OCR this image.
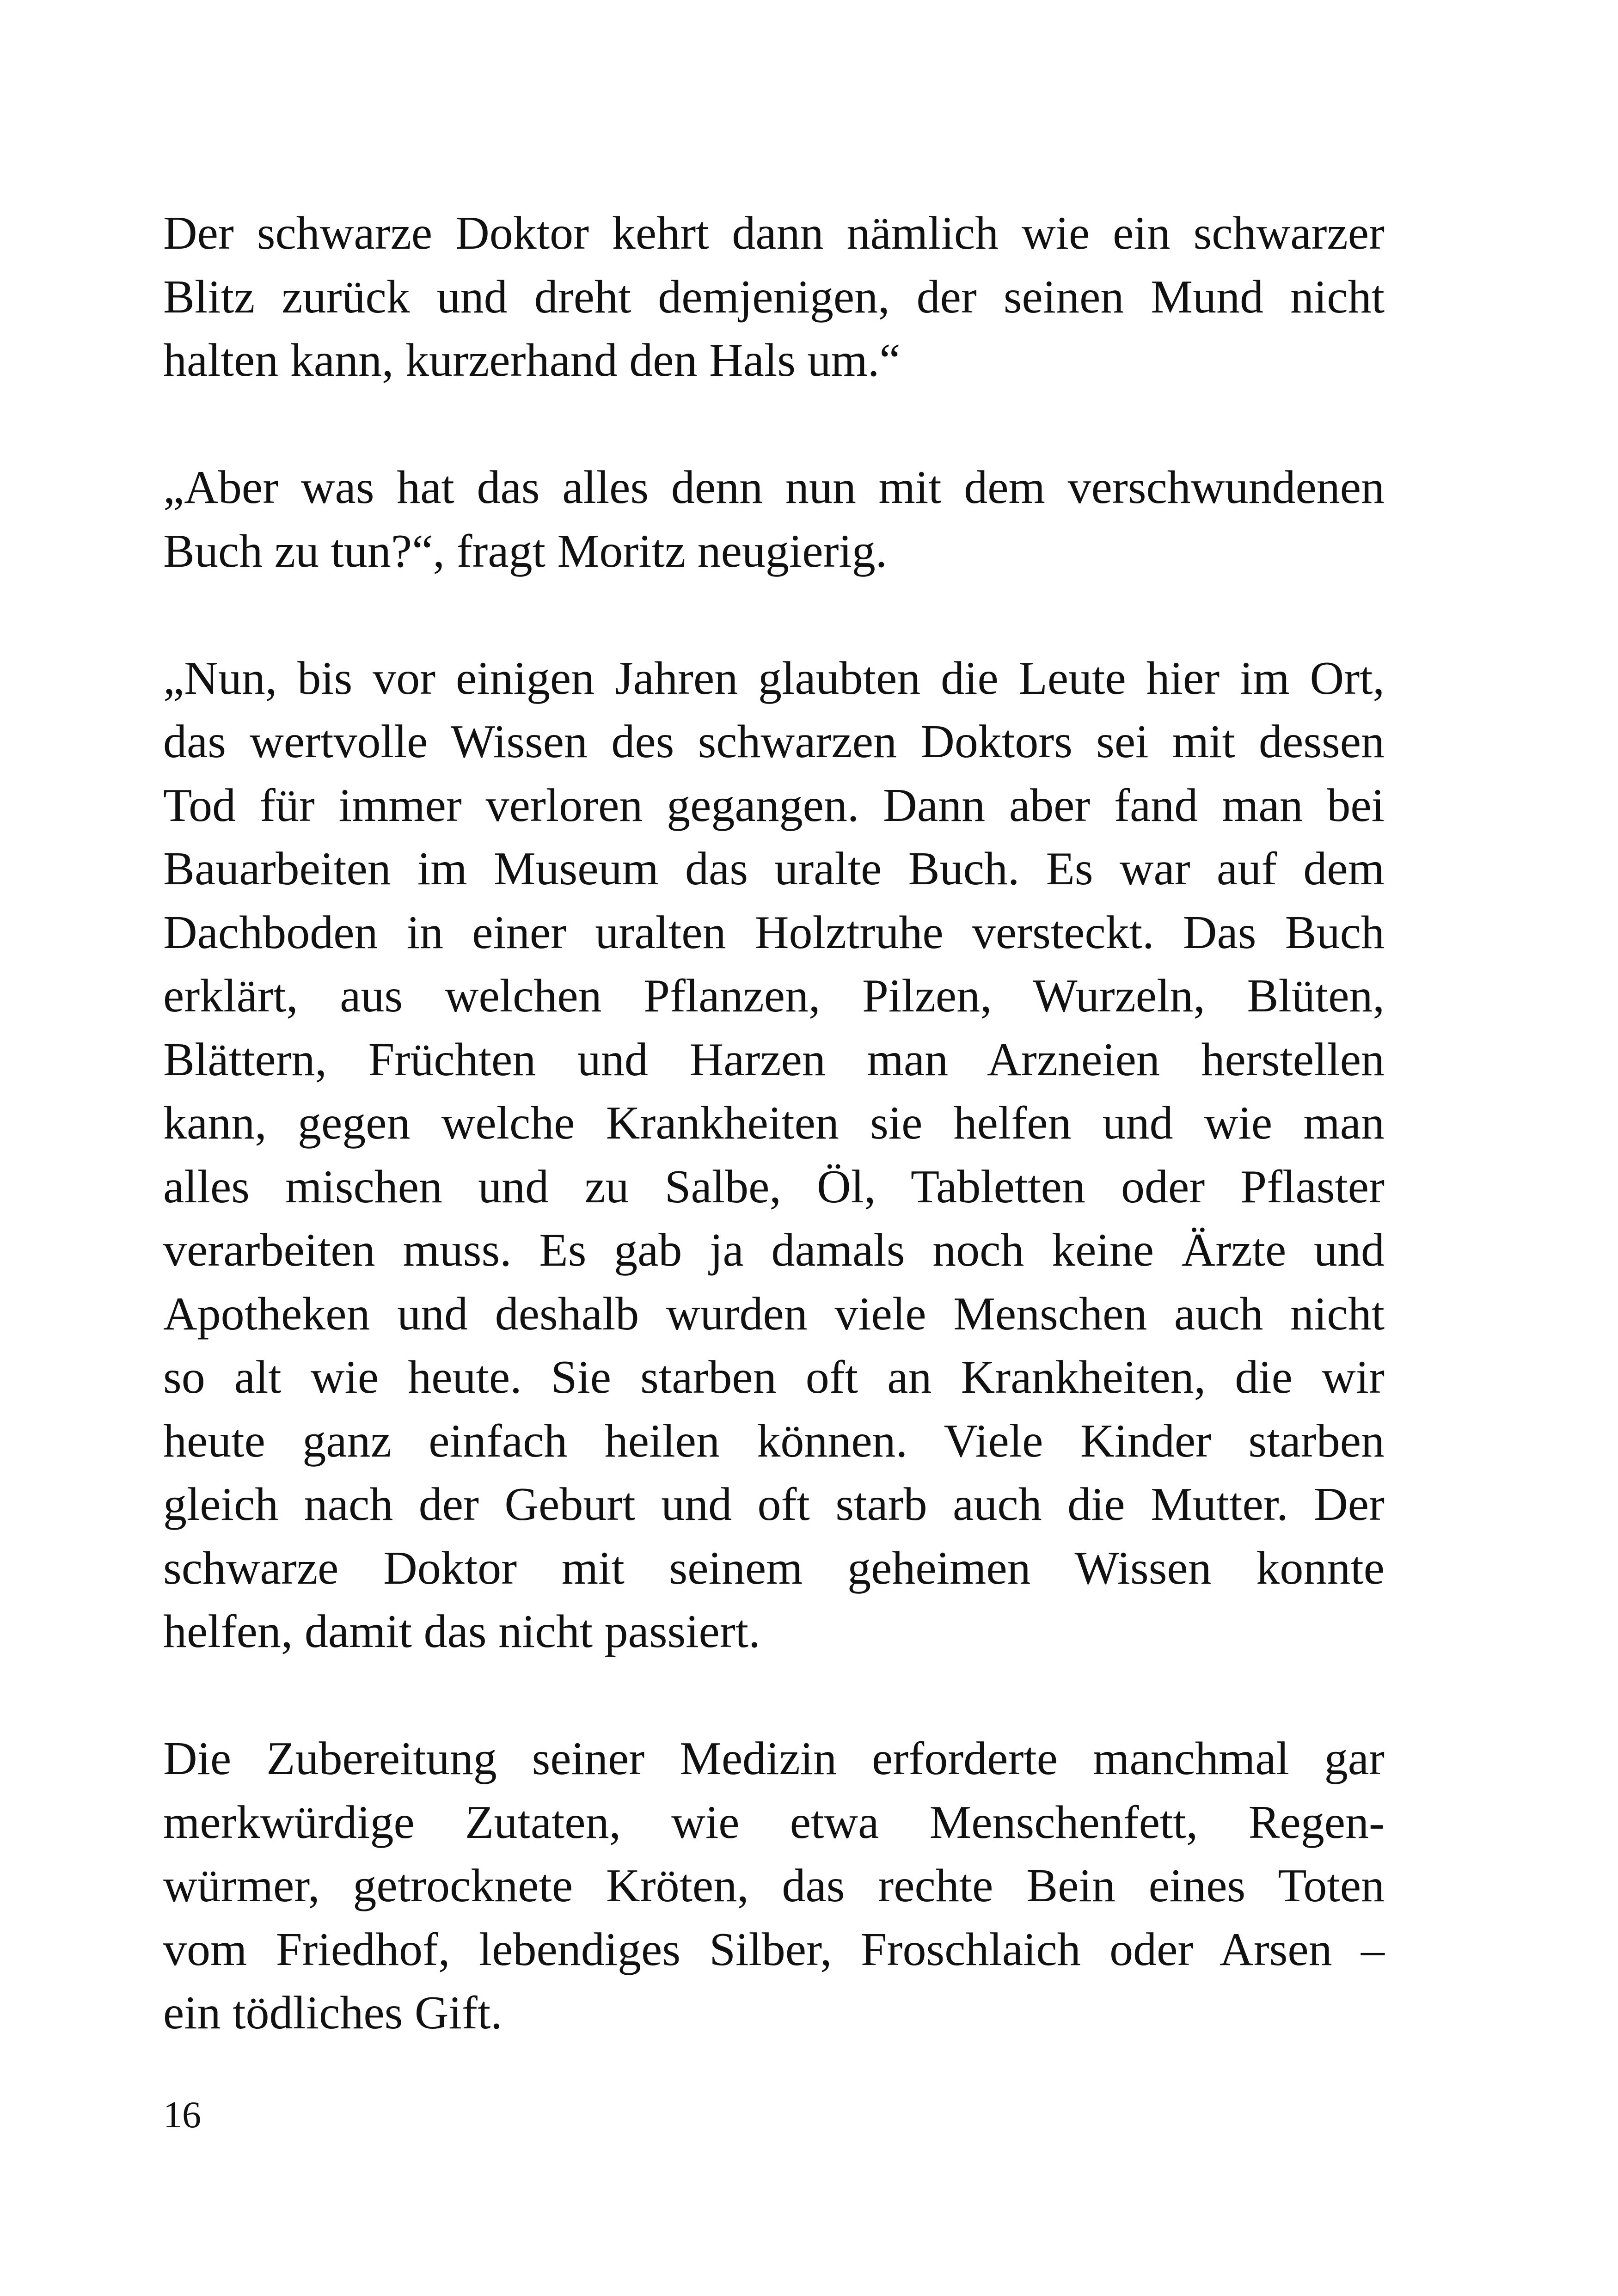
Der schwarze Doktor kehrt dann nämlich wie ein schwarzer
Blitz zurück und dreht demjenigen, der seinen Mund nicht
halten kann, kurzerhand den Hals um.“

„Aber was hat das alles denn nun mit dem verschwundenen
Buch zu tun?“, fragt Moritz neugierig.

„Nun, bis vor einigen Jahren glaubten die Leute hier im Ort,
das wertvolle Wissen des schwarzen Doktors sei mit dessen
Tod für immer verloren gegangen. Dann aber fand man bei
Bauarbeiten im Museum das uralte Buch. Es war auf dem
Dachboden in einer uralten Holztruhe versteckt. Das Buch
erklärt, aus welchen Pflanzen, Pilzen, Wurzeln, Blüten,
Blättern, Früchten und Harzen man Arzneien herstellen
kann, gegen welche Krankheiten sie helfen und wie man
alles mischen und zu Salbe, Öl, Tabletten oder Pflaster
verarbeiten muss. Es gab ja damals noch keine Ärzte und
Apotheken und deshalb wurden viele Menschen auch nicht
so alt wie heute. Sie starben oft an Krankheiten, die wir
heute ganz einfach heilen können. Viele Kinder starben
gleich nach der Geburt und oft starb auch die Mutter. Der
schwarze Doktor mit seinem geheimen Wissen konnte
helfen, damit das nicht passiert.

Die Zubereitung seiner Medizin erforderte manchmal gar
merkwürdige Zutaten, wie etwa Menschenfett, Regen-
würmer, getrocknete Kröten, das rechte Bein eines Toten
vom Friedhof, lebendiges Silber, Froschlaich oder Arsen –
ein tödliches Gift.

16
